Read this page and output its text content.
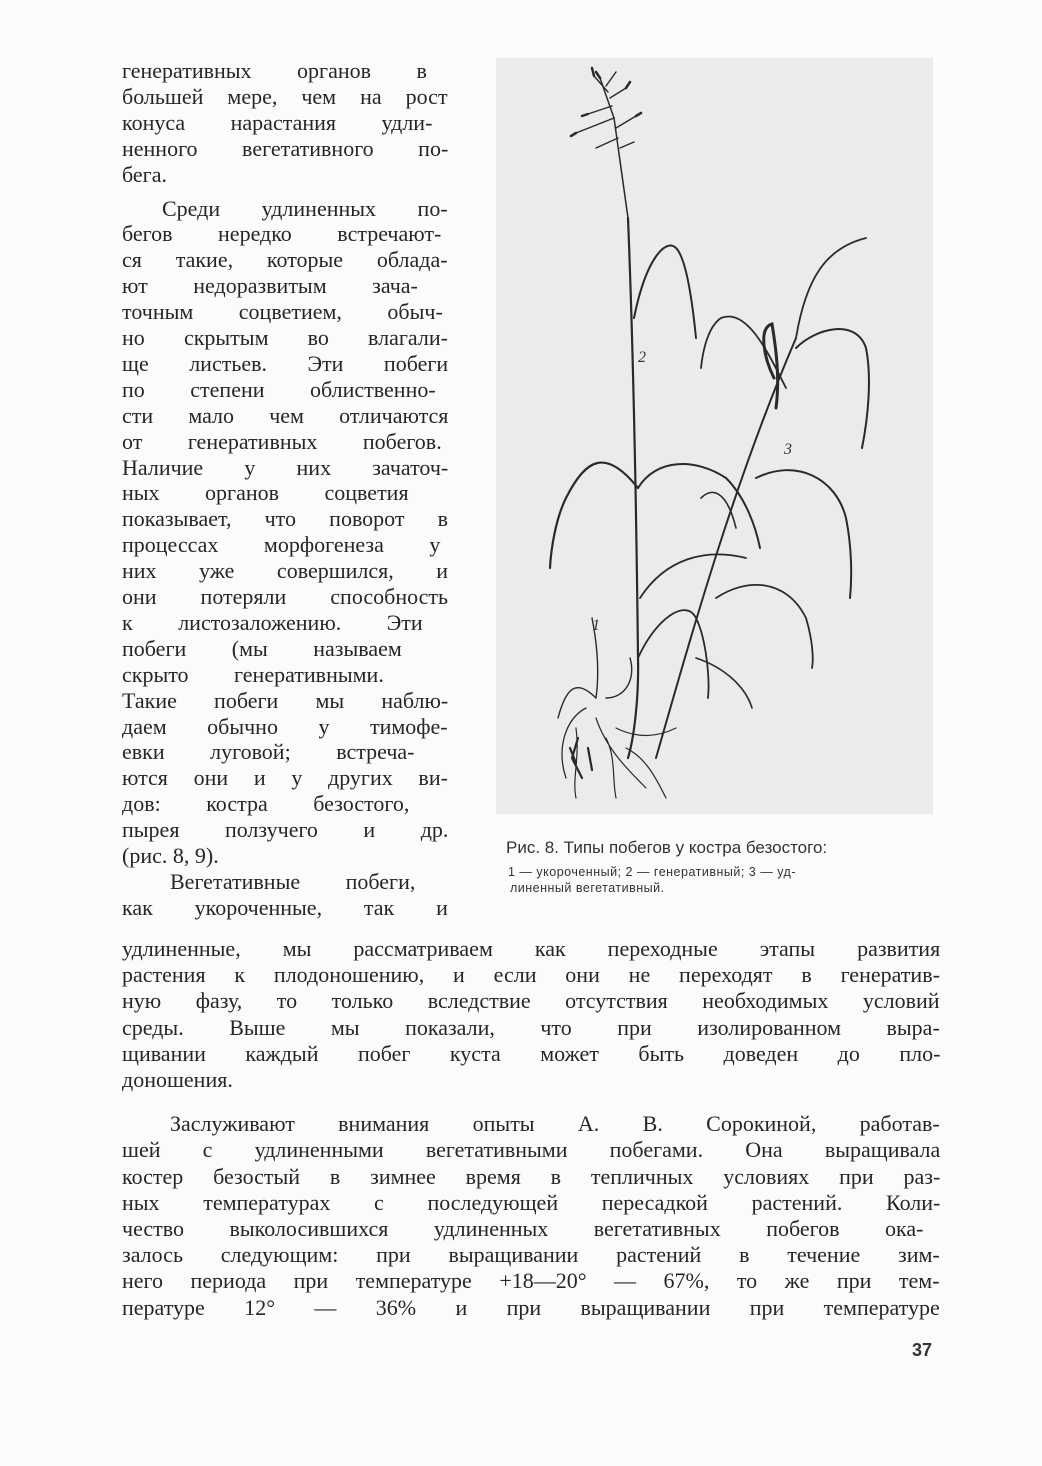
генеративных органов в
большей мере, чем на рост
конуса нарастания удли-
ненного вегетативного по-
бега.
Среди удлиненных по-
бегов нередко встречают-
ся такие, которые облада-
ют недоразвитым зача-
точным соцветием, обыч-
но скрытым во влагали-
ще листьев. Эти побеги
по степени облиственно-
сти мало чем отличаются
от генеративных побегов.
Наличие у них зачаточ-
ных органов соцветия
показывает, что поворот в
процессах морфогенеза у
них уже совершился, и
они потеряли способность
к листозаложению. Эти
побеги (мы называем
скрыто генеративными.
Такие побеги мы наблю-
даем обычно у тимофе-
евки луговой; встреча-
ются они и у других ви-
дов: костра безостого,
пырея ползучего и др.
(рис. 8, 9).
Вегетативные побеги,
как укороченные, так и
удлиненные, мы рассматриваем как переходные этапы развития
растения к плодоношению, и если они не переходят в генератив-
ную фазу, то только вследствие отсутствия необходимых условий
среды. Выше мы показали, что при изолированном выра-
щивании каждый побег куста может быть доведен до пло-
доношения.
Заслуживают внимания опыты А. В. Сорокиной, работав-
шей с удлиненными вегетативными побегами. Она выращивала
костер безостый в зимнее время в тепличных условиях при раз-
ных температурах с последующей пересадкой растений. Коли-
чество выколосившихся удлиненных вегетативных побегов ока-
залось следующим: при выращивании растений в течение зим-
него периода при температуре +18—20° — 67%, то же при тем-
пературе 12° — 36% и при выращивании при температуре
1
2
3
Рис. 8. Типы побегов у костра безостого:
1 — укороченный; 2 — генеративный; 3 — уд-
линенный вегетативный.
37
